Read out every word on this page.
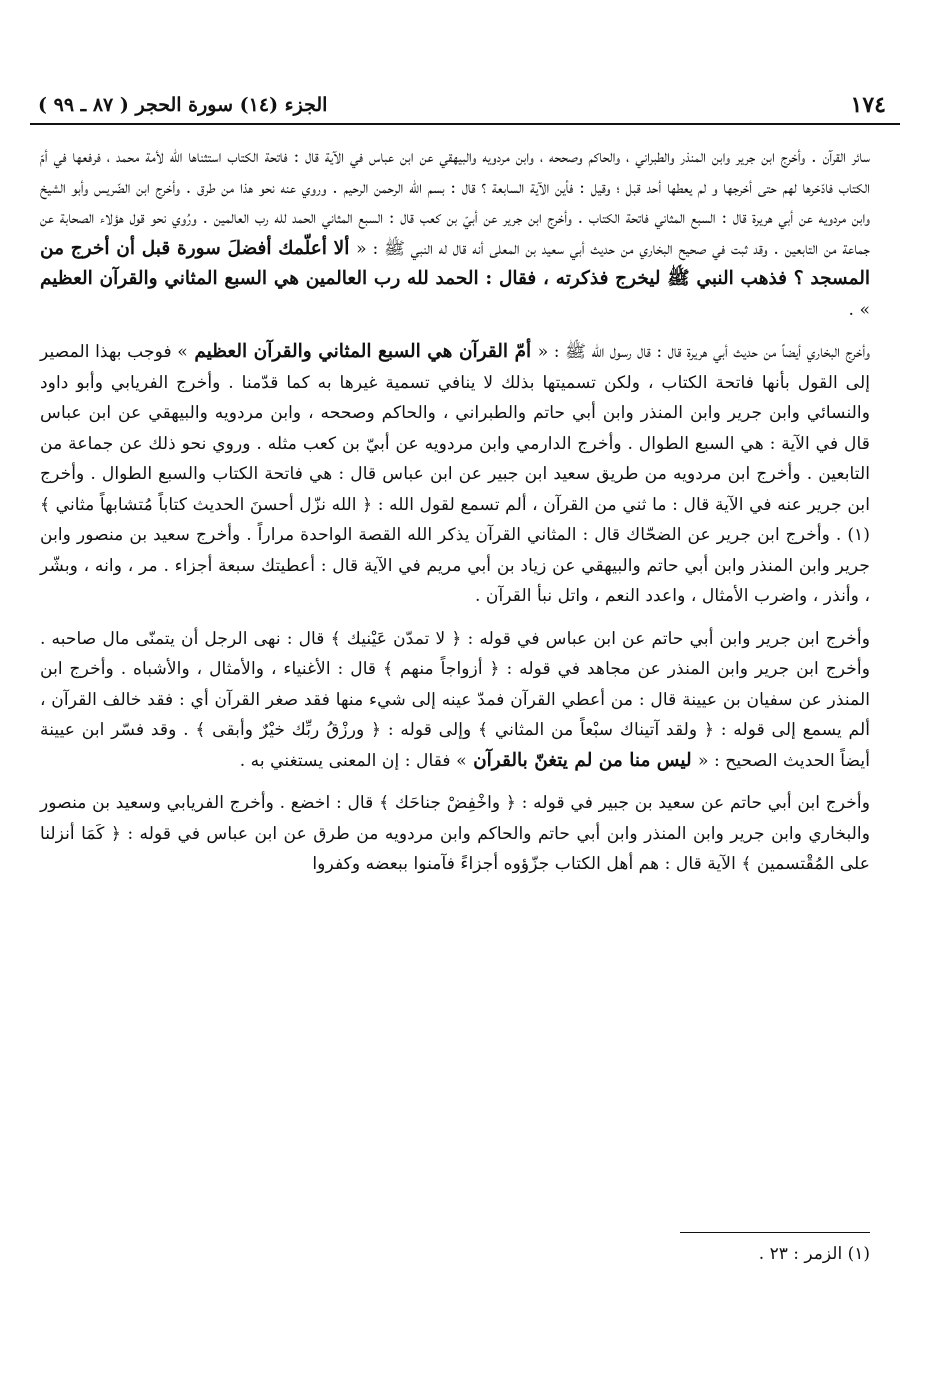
١٧٤
الجزء (١٤) سورة الحجر ( ٨٧ ـ ٩٩ )

سائر القرآن . وأخرج ابن جرير وابن المنذر والطبراني ، والحاكم وصححه ، وابن مردويه والبيهقي عن ابن عباس في الآية قال : فاتحة الكتاب استثناها الله لأمة محمد ، فرفعها في أمّ الكتاب فادّخرها لهم حتى أخرجها و لم يعطها أحد قبل ؛ وقيل : فأين الآية السابعة ؟ قال : بسم الله الرحمن الرحيم . وروي عنه نحو هذا من طرق . وأخرج ابن الضّريس وأبو الشيخ وابن مردويه عن أبي هريرة قال : السبع المثاني فاتحة الكتاب . وأخرج ابن جرير عن أبيّ بن كعب قال : السبع المثاني الحمد لله رب العالمين . ورُوي نحو قول هؤلاء الصحابة عن جماعة من التابعين . وقد ثبت في صحيح البخاري من حديث أبي سعيد بن المعلى أنه قال له النبي ﷺ : « ألا أعلّمك أفضلَ سورة قبل أن أخرج من المسجد ؟ فذهب النبي ﷺ ليخرج فذكرته ، فقال : الحمد لله رب العالمين هي السبع المثاني والقرآن العظيم » .

وأخرج البخاري أيضاً من حديث أبي هريرة قال : قال رسول الله ﷺ : « أمّ القرآن هي السبع المثاني والقرآن العظيم » فوجب بهذا المصير إلى القول بأنها فاتحة الكتاب ، ولكن تسميتها بذلك لا ينافي تسمية غيرها به كما قدّمنا . وأخرج الفريابي وأبو داود والنسائي وابن جرير وابن المنذر وابن أبي حاتم والطبراني ، والحاكم وصححه ، وابن مردويه والبيهقي عن ابن عباس قال في الآية : هي السبع الطوال . وأخرج الدارمي وابن مردويه عن أبيّ بن كعب مثله . وروي نحو ذلك عن جماعة من التابعين . وأخرج ابن مردويه من طريق سعيد ابن جبير عن ابن عباس قال : هي فاتحة الكتاب والسبع الطوال . وأخرج ابن جرير عنه في الآية قال : ما ثني من القرآن ، ألم تسمع لقول الله : ﴿ الله نزّل أحسنَ الحديث كتاباً مُتشابهاً مثاني ﴾(١) . وأخرج ابن جرير عن الضحّاك قال : المثاني القرآن يذكر الله القصة الواحدة مراراً . وأخرج سعيد بن منصور وابن جرير وابن المنذر وابن أبي حاتم والبيهقي عن زياد بن أبي مريم في الآية قال : أعطيتك سبعة أجزاء . مر ، وانه ، وبشّر ، وأنذر ، واضرب الأمثال ، واعدد النعم ، واتل نبأ القرآن .

وأخرج ابن جرير وابن أبي حاتم عن ابن عباس في قوله : ﴿ لا تمدّن عَيْنيك ﴾ قال : نهى الرجل أن يتمنّى مال صاحبه . وأخرج ابن جرير وابن المنذر عن مجاهد في قوله : ﴿ أزواجاً منهم ﴾ قال : الأغنياء ، والأمثال ، والأشباه . وأخرج ابن المنذر عن سفيان بن عيينة قال : من أعطي القرآن فمدّ عينه إلى شيء منها فقد صغر القرآن أي : فقد خالف القرآن ، ألم يسمع إلى قوله : ﴿ ولقد آتيناك سبْعاً من المثاني ﴾ وإلى قوله : ﴿ ورزْقُ ربِّك خيْرٌ وأبقى ﴾ . وقد فسّر ابن عيينة أيضاً الحديث الصحيح : « ليس منا من لم يتغنّ بالقرآن » فقال : إن المعنى يستغني به .

وأخرج ابن أبي حاتم عن سعيد بن جبير في قوله : ﴿ واخْفِضْ جناحَك ﴾ قال : اخضع . وأخرج الفريابي وسعيد بن منصور والبخاري وابن جرير وابن المنذر وابن أبي حاتم والحاكم وابن مردويه من طرق عن ابن عباس في قوله : ﴿ كَمَا أنزلنا على المُقْتسمين ﴾ الآية قال : هم أهل الكتاب جزّؤوه أجزاءً فآمنوا ببعضه وكفروا

(١) الزمر : ٢٣ .
